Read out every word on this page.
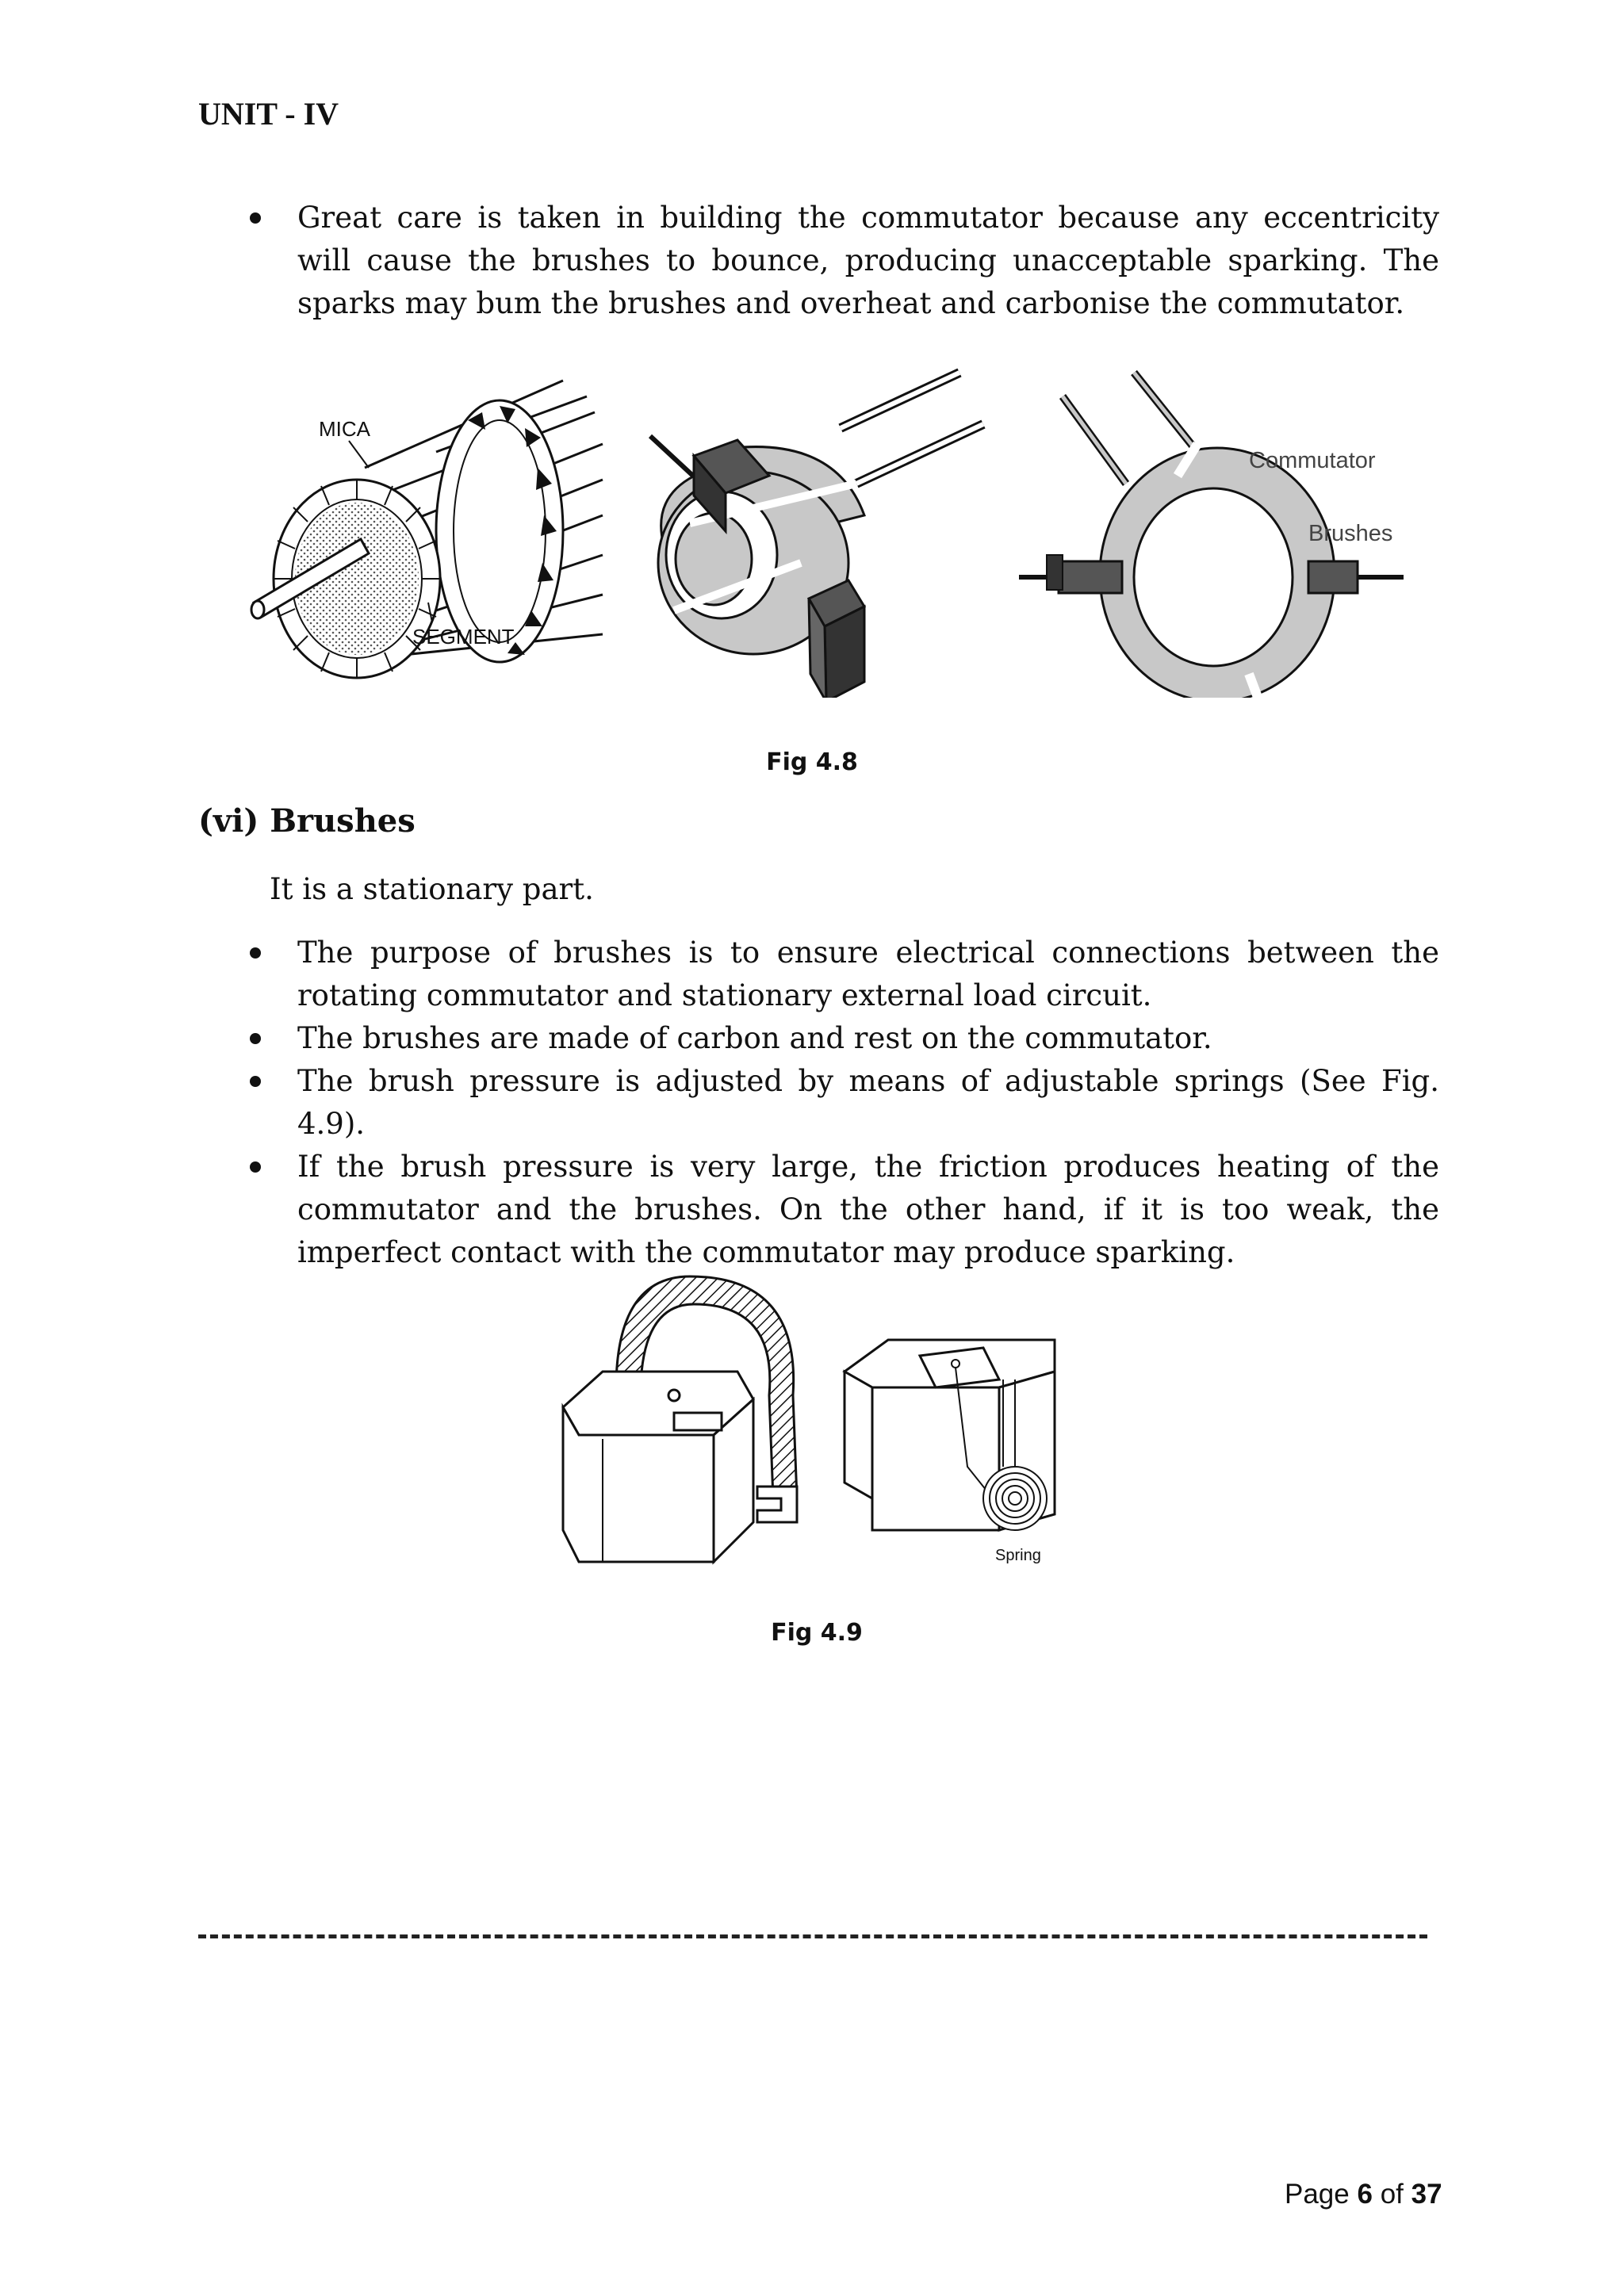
UNIT - IV
Great care is taken in building the commutator because any eccentricity will cause the brushes to bounce, producing unacceptable sparking. The sparks may bum the brushes and overheat and carbonise the commutator.
MICA
SEGMENT
Commutator
Brushes
Fig 4.8
(vi) Brushes
It is a stationary part.
The purpose of brushes is to ensure electrical connections between the rotating commutator and stationary external load circuit.
The brushes are made of carbon and rest on the commutator.
The brush pressure is adjusted by means of adjustable springs (See Fig. 4.9).
If the brush pressure is very large, the friction produces heating of the commutator and the brushes. On the other hand, if it is too weak, the imperfect contact with the commutator may produce sparking.
Spring
Fig 4.9
Page 6 of 37
